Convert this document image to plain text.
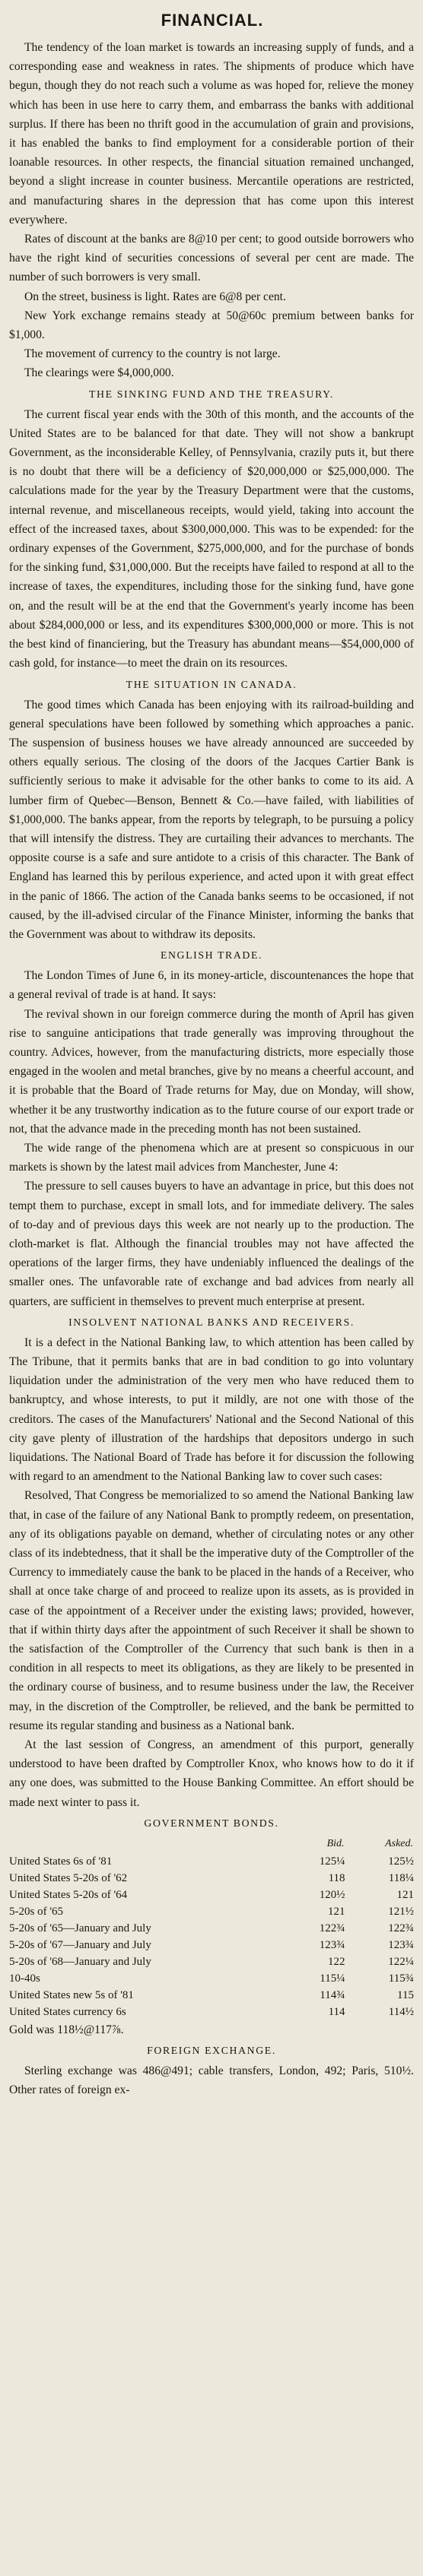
FINANCIAL.

The tendency of the loan market is towards an increasing supply of funds, and a corresponding ease and weakness in rates. The shipments of produce which have begun, though they do not reach such a volume as was hoped for, relieve the money which has been in use here to carry them, and embarrass the banks with additional surplus. If there has been no thrift good in the accumulation of grain and provisions, it has enabled the banks to find employment for a considerable portion of their loanable resources. In other respects, the financial situation remained unchanged, beyond a slight increase in counter business. Mercantile operations are restricted, and manufacturing shares in the depression that has come upon this interest everywhere.

Rates of discount at the banks are 8@10 per cent; to good outside borrowers who have the right kind of securities concessions of several per cent are made. The number of such borrowers is very small.

On the street, business is light. Rates are 6@8 per cent.

New York exchange remains steady at 50@60c premium between banks for $1,000.

The movement of currency to the country is not large.

The clearings were $4,000,000.

THE SINKING FUND AND THE TREASURY.

The current fiscal year ends with the 30th of this month, and the accounts of the United States are to be balanced for that date. They will not show a bankrupt Government, as the inconsiderable Kelley, of Pennsylvania, crazily puts it, but there is no doubt that there will be a deficiency of $20,000,000 or $25,000,000. The calculations made for the year by the Treasury Department were that the customs, internal revenue, and miscellaneous receipts, would yield, taking into account the effect of the increased taxes, about $300,000,000. This was to be expended: for the ordinary expenses of the Government, $275,000,000, and for the purchase of bonds for the sinking fund, $31,000,000. But the receipts have failed to respond at all to the increase of taxes, the expenditures, including those for the sinking fund, have gone on, and the result will be at the end that the Government's yearly income has been about $284,000,000 or less, and its expenditures $300,000,000 or more. This is not the best kind of financiering, but the Treasury has abundant means—$54,000,000 of cash gold, for instance—to meet the drain on its resources.

THE SITUATION IN CANADA.

The good times which Canada has been enjoying with its railroad-building and general speculations have been followed by something which approaches a panic. The suspension of business houses we have already announced are succeeded by others equally serious. The closing of the doors of the Jacques Cartier Bank is sufficiently serious to make it advisable for the other banks to come to its aid. A lumber firm of Quebec—Benson, Bennett & Co.—have failed, with liabilities of $1,000,000. The banks appear, from the reports by telegraph, to be pursuing a policy that will intensify the distress. They are curtailing their advances to merchants. The opposite course is a safe and sure antidote to a crisis of this character. The Bank of England has learned this by perilous experience, and acted upon it with great effect in the panic of 1866. The action of the Canada banks seems to be occasioned, if not caused, by the ill-advised circular of the Finance Minister, informing the banks that the Government was about to withdraw its deposits.

ENGLISH TRADE.

The London Times of June 6, in its money-article, discountenances the hope that a general revival of trade is at hand. It says:

The revival shown in our foreign commerce during the month of April has given rise to sanguine anticipations that trade generally was improving throughout the country. Advices, however, from the manufacturing districts, more especially those engaged in the woolen and metal branches, give by no means a cheerful account, and it is probable that the Board of Trade returns for May, due on Monday, will show, whether it be any trustworthy indication as to the future course of our export trade or not, that the advance made in the preceding month has not been sustained.

The wide range of the phenomena which are at present so conspicuous in our markets is shown by the latest mail advices from Manchester, June 4:

The pressure to sell causes buyers to have an advantage in price, but this does not tempt them to purchase, except in small lots, and for immediate delivery. The sales of to-day and of previous days this week are not nearly up to the production. The cloth-market is flat. Although the financial troubles may not have affected the operations of the larger firms, they have undeniably influenced the dealings of the smaller ones. The unfavorable rate of exchange and bad advices from nearly all quarters, are sufficient in themselves to prevent much enterprise at present.

INSOLVENT NATIONAL BANKS AND RECEIVERS.

It is a defect in the National Banking law, to which attention has been called by The Tribune, that it permits banks that are in bad condition to go into voluntary liquidation under the administration of the very men who have reduced them to bankruptcy, and whose interests, to put it mildly, are not one with those of the creditors. The cases of the Manufacturers' National and the Second National of this city gave plenty of illustration of the hardships that depositors undergo in such liquidations. The National Board of Trade has before it for discussion the following with regard to an amendment to the National Banking law to cover such cases:

Resolved, That Congress be memorialized to so amend the National Banking law that, in case of the failure of any National Bank to promptly redeem, on presentation, any of its obligations payable on demand, whether of circulating notes or any other class of its indebtedness, that it shall be the imperative duty of the Comptroller of the Currency to immediately cause the bank to be placed in the hands of a Receiver, who shall at once take charge of and proceed to realize upon its assets, as is provided in case of the appointment of a Receiver under the existing laws; provided, however, that if within thirty days after the appointment of such Receiver it shall be shown to the satisfaction of the Comptroller of the Currency that such bank is then in a condition in all respects to meet its obligations, as they are likely to be presented in the ordinary course of business, and to resume business under the law, the Receiver may, in the discretion of the Comptroller, be relieved, and the bank be permitted to resume its regular standing and business as a National bank.

At the last session of Congress, an amendment of this purport, generally understood to have been drafted by Comptroller Knox, who knows how to do it if any one does, was submitted to the House Banking Committee. An effort should be made next winter to pass it.

GOVERNMENT BONDS.
	Bid.	Asked.
United States 6s of '81	125¼	125½
United States 5-20s of '62	118	118¼
United States 5-20s of '64	120½	121
5-20s of '65	121	121½
5-20s of '65—January and July	122¾	122¾
5-20s of '67—January and July	123¾	123¾
5-20s of '68—January and July	122	122¼
10-40s	115¼	115¾
United States new 5s of '81	114¾	115
United States currency 6s	114	114½

Gold was 118½@117⅞.

FOREIGN EXCHANGE.

Sterling exchange was 486@491; cable transfers, London, 492; Paris, 510½. Other rates of foreign ex-
